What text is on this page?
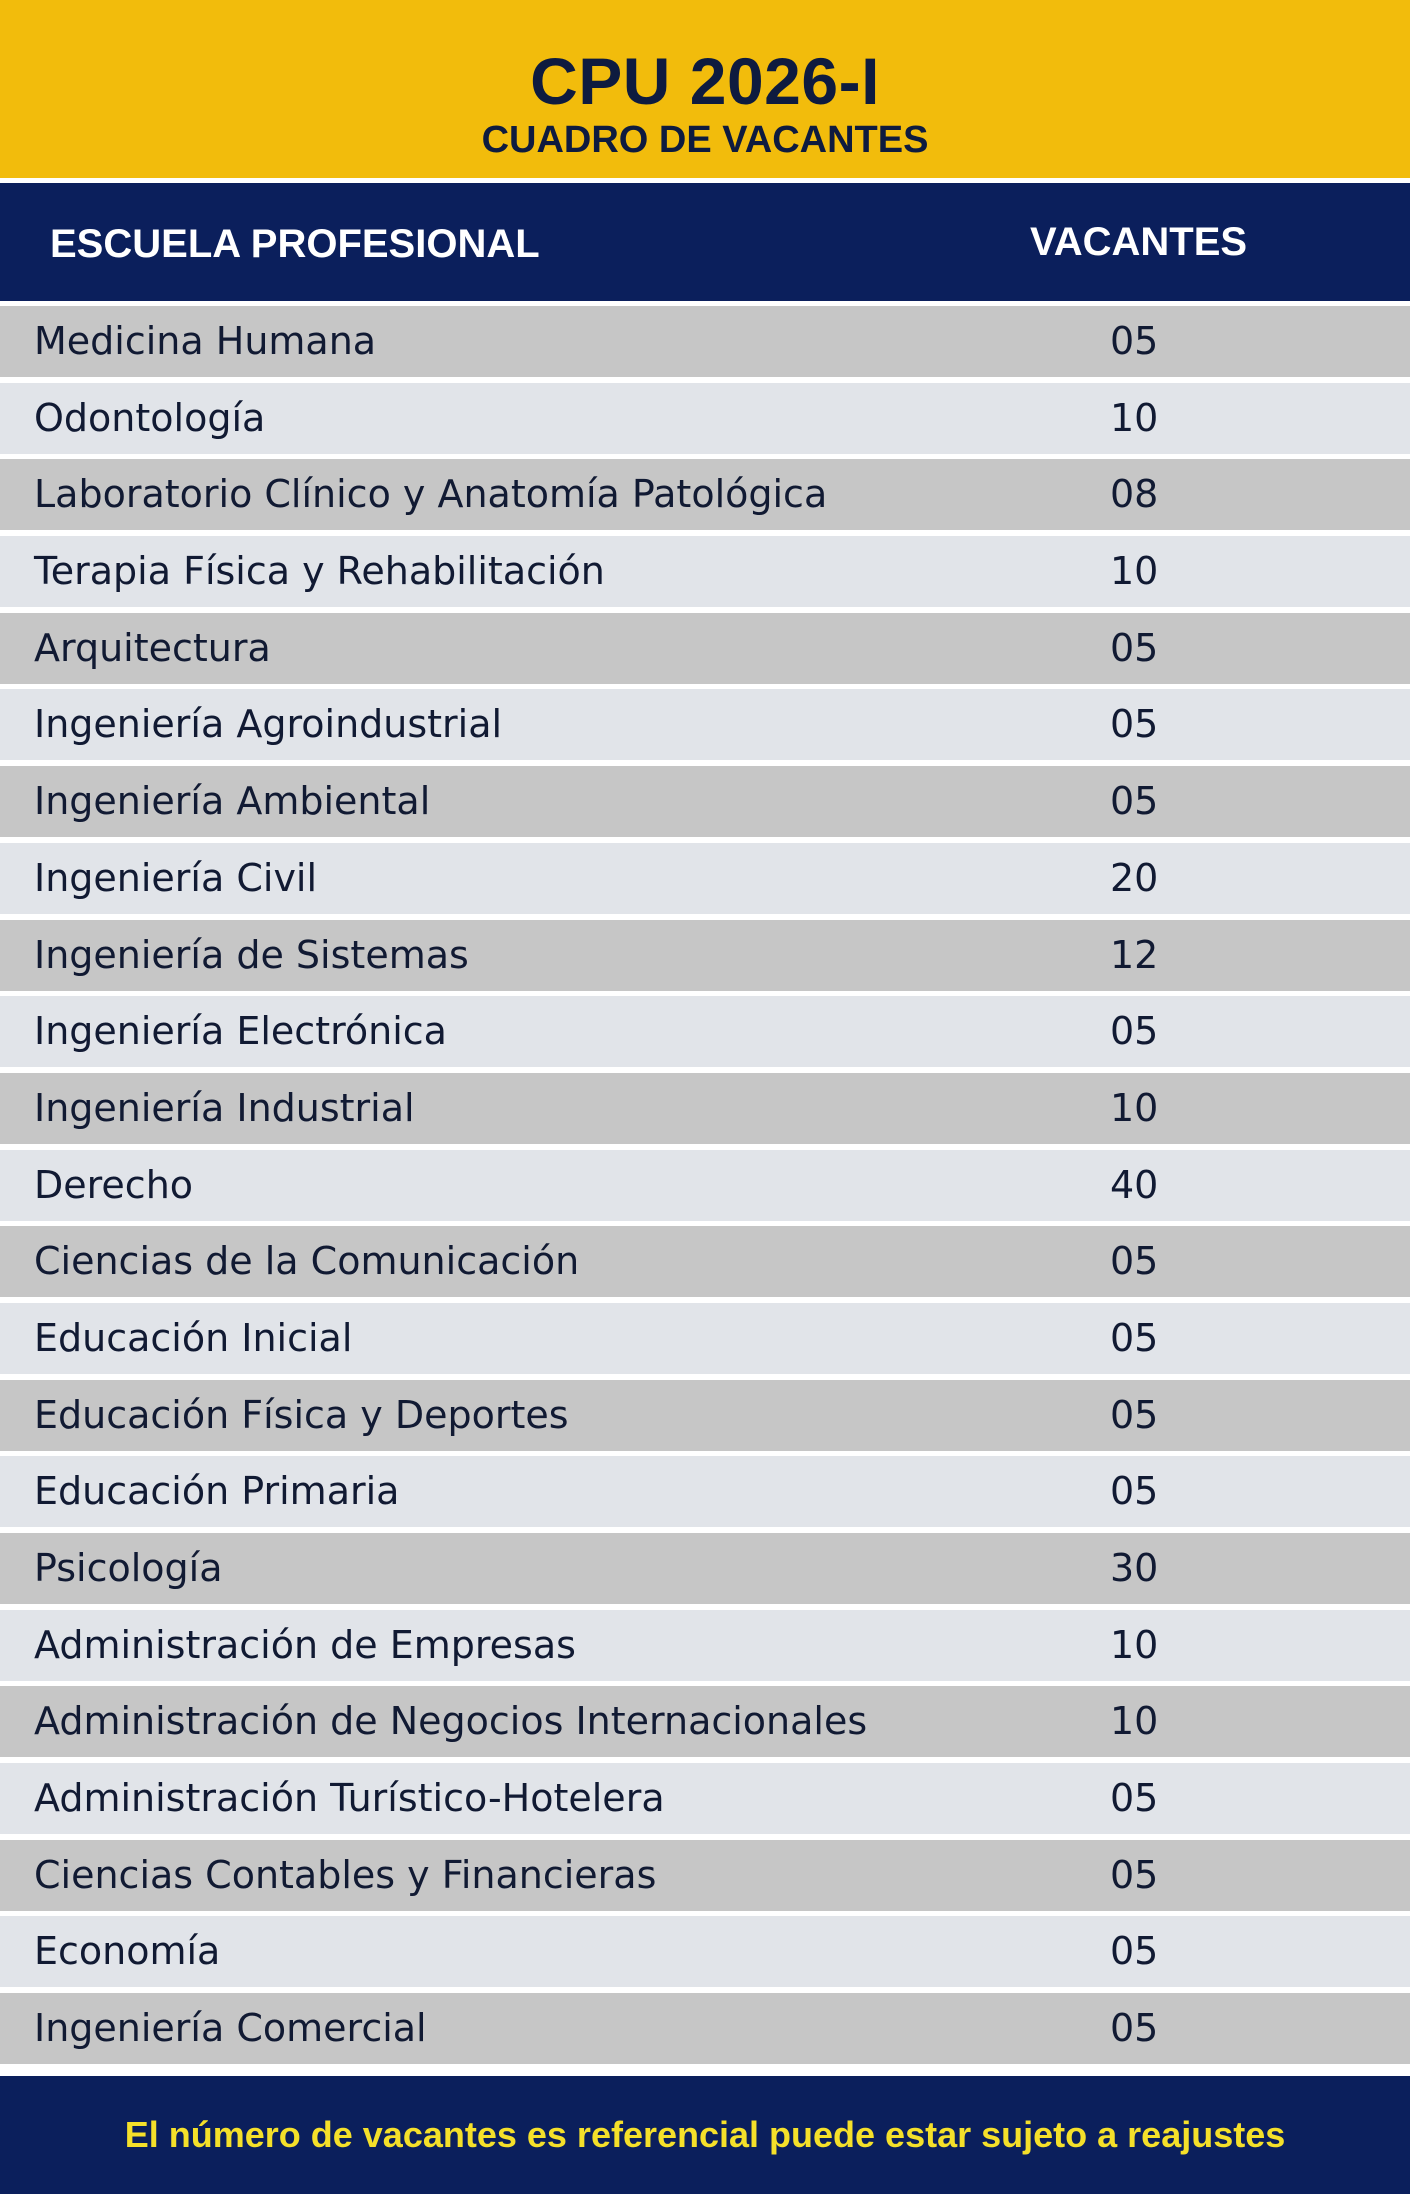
CPU 2026-I
CUADRO DE VACANTES
ESCUELA PROFESIONAL	VACANTES
Medicina Humana	05
Odontología	10
Laboratorio Clínico y Anatomía Patológica	08
Terapia Física y Rehabilitación	10
Arquitectura	05
Ingeniería Agroindustrial	05
Ingeniería Ambiental	05
Ingeniería Civil	20
Ingeniería de Sistemas	12
Ingeniería Electrónica	05
Ingeniería Industrial	10
Derecho	40
Ciencias de la Comunicación	05
Educación Inicial	05
Educación Física y Deportes	05
Educación Primaria	05
Psicología	30
Administración de Empresas	10
Administración de Negocios Internacionales	10
Administración Turístico-Hotelera	05
Ciencias Contables y Financieras	05
Economía	05
Ingeniería Comercial	05
El número de vacantes es referencial puede estar sujeto a reajustes
